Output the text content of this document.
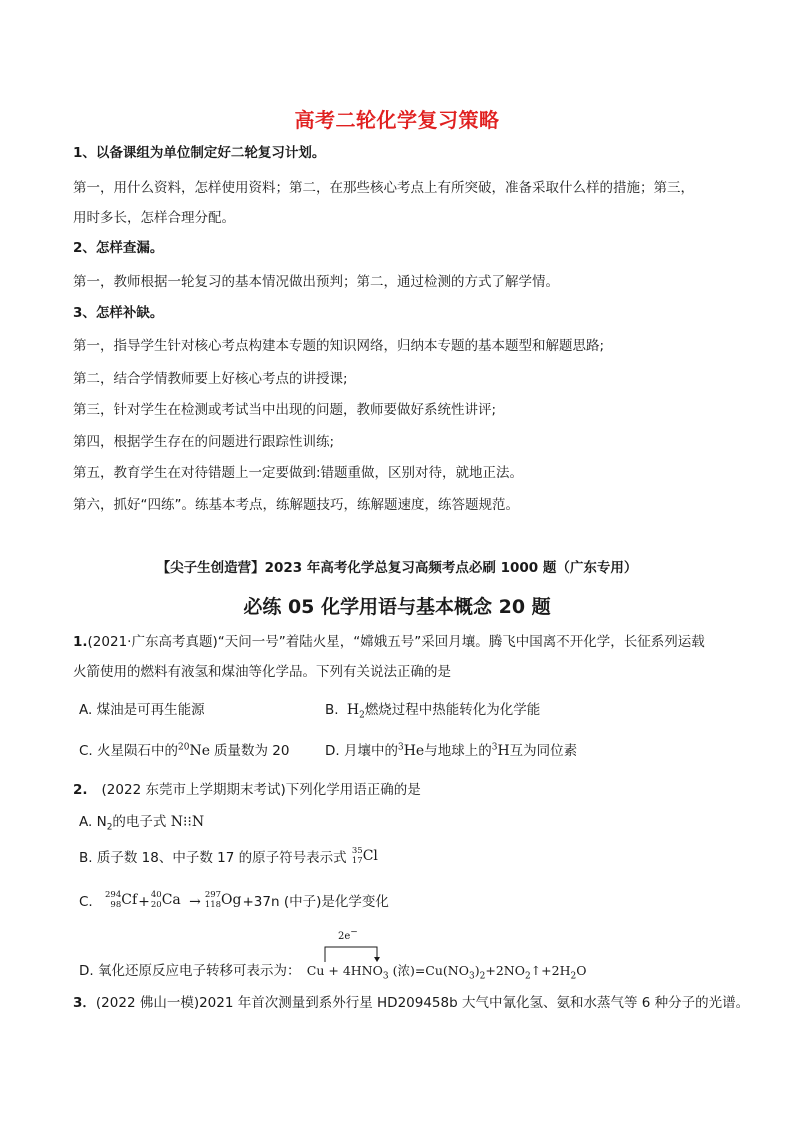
高考二轮化学复习策略
1、以备课组为单位制定好二轮复习计划。
第一，用什么资料，怎样使用资料；第二，在那些核心考点上有所突破，准备采取什么样的措施；第三，
用时多长，怎样合理分配。
2、怎样查漏。
第一，教师根据一轮复习的基本情况做出预判；第二，通过检测的方式了解学情。
3、怎样补缺。
第一，指导学生针对核心考点构建本专题的知识网络，归纳本专题的基本题型和解题思路;
第二，结合学情教师要上好核心考点的讲授课;
第三，针对学生在检测或考试当中出现的问题，教师要做好系统性讲评;
第四，根据学生存在的问题进行跟踪性训练;
第五，教育学生在对待错题上一定要做到:错题重做，区别对待，就地正法。
第六，抓好“四练”。练基本考点，练解题技巧，练解题速度，练答题规范。
【尖子生创造营】2023 年高考化学总复习高频考点必刷 1000 题（广东专用）
必练 05 化学用语与基本概念 20 题
1.(2021·广东高考真题)“天问一号”着陆火星，“嫦娥五号”采回月壤。腾飞中国离不开化学，长征系列运载
火箭使用的燃料有液氢和煤油等化学品。下列有关说法正确的是
A. 煤油是可再生能源	B. $H_2$燃烧过程中热能转化为化学能
C. 火星陨石中的$^{20}$Ne 质量数为 20	D. 月壤中的$^3$He与地球上的$^3$H互为同位素
2. (2022 东莞市上学期期末考试)下列化学用语正确的是
A. $N_2$的电子式 N⁝⁝N
B. 质子数 18、中子数 17 的原子符号表示式 35
17 Cl
C. 294
98 Cf+ 40
20 Ca → 297
118 Og+37n (中子)是化学变化
2e−
D. 氧化还原反应电子转移可表示为： $Cu + 4HNO_3$ (浓)$=Cu(NO_3)_2+2NO_2↑+2H_2O$
3．(2022 佛山一模)2021 年首次测量到系外行星 HD209458b 大气中氰化氢、氨和水蒸气等 6 种分子的光谱。
